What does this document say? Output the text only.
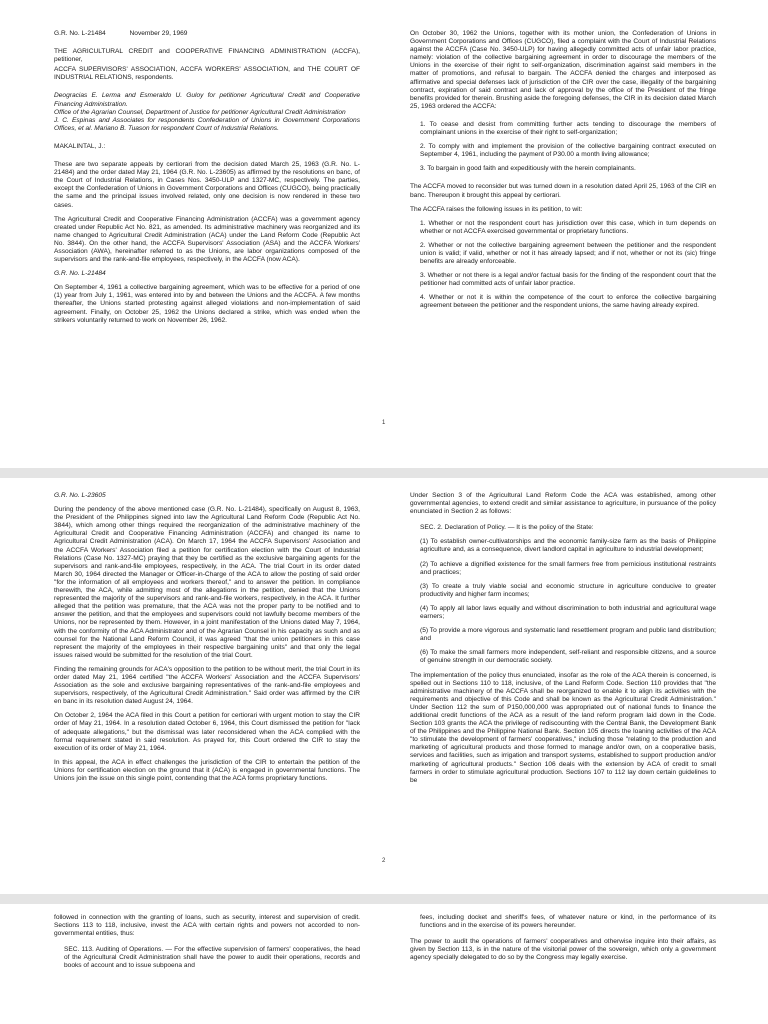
G.R. No. L-21484	November 29, 1969

THE AGRICULTURAL CREDIT and COOPERATIVE FINANCING ADMINISTRATION (ACCFA), petitioner,

ACCFA SUPERVISORS' ASSOCIATION, ACCFA WORKERS' ASSOCIATION, and THE COURT OF INDUSTRIAL RELATIONS, respondents.

Deogracias E. Lerma and Esmeraldo U. Guloy for petitioner Agricultural Credit and Cooperative Financing Administration.

Office of the Agrarian Counsel, Department of Justice for petitioner Agricultural Credit Administration

J. C. Espinas and Associates for respondents Confederation of Unions in Government Corporations Offices, et al. Mariano B. Tuason for respondent Court of Industrial Relations.

MAKALINTAL, J.:

These are two separate appeals by certiorari from the decision dated March 25, 1963 (G.R. No. L-21484) and the order dated May 21, 1964 (G.R. No. L-23605) as affirmed by the resolutions en banc, of the Court of Industrial Relations, in Cases Nos. 3450-ULP and 1327-MC, respectively. The parties, except the Confederation of Unions in Government Corporations and Offices (CUGCO), being practically the same and the principal issues involved related, only one decision is now rendered in these two cases.

The Agricultural Credit and Cooperative Financing Administration (ACCFA) was a government agency created under Republic Act No. 821, as amended. Its administrative machinery was reorganized and its name changed to Agricultural Credit Administration (ACA) under the Land Reform Code (Republic Act No. 3844). On the other hand, the ACCFA Supervisors' Association (ASA) and the ACCFA Workers' Association (AWA), hereinafter referred to as the Unions, are labor organizations composed of the supervisors and the rank-and-file employees, respectively, in the ACCFA (now ACA).

G.R. No. L-21484

On September 4, 1961 a collective bargaining agreement, which was to be effective for a period of one (1) year from July 1, 1961, was entered into by and between the Unions and the ACCFA. A few months thereafter, the Unions started protesting against alleged violations and non-implementation of said agreement. Finally, on October 25, 1962 the Unions declared a strike, which was ended when the strikers voluntarily returned to work on November 26, 1962.

On October 30, 1962 the Unions, together with its mother union, the Confederation of Unions in Government Corporations and Offices (CUGCO), filed a complaint with the Court of Industrial Relations against the ACCFA (Case No. 3450-ULP) for having allegedly committed acts of unfair labor practice, namely: violation of the collective bargaining agreement in order to discourage the members of the Unions in the exercise of their right to self-organization, discrimination against said members in the matter of promotions, and refusal to bargain. The ACCFA denied the charges and interposed as affirmative and special defenses lack of jurisdiction of the CIR over the case, illegality of the bargaining contract, expiration of said contract and lack of approval by the office of the President of the fringe benefits provided for therein. Brushing aside the foregoing defenses, the CIR in its decision dated March 25, 1963 ordered the ACCFA:

1. To cease and desist from committing further acts tending to discourage the members of complainant unions in the exercise of their right to self-organization;

2. To comply with and implement the provision of the collective bargaining contract executed on September 4, 1961, including the payment of P30.00 a month living allowance;

3. To bargain in good faith and expeditiously with the herein complainants.

The ACCFA moved to reconsider but was turned down in a resolution dated April 25, 1963 of the CIR en banc. Thereupon it brought this appeal by certiorari.

The ACCFA raises the following issues in its petition, to wit:

1. Whether or not the respondent court has jurisdiction over this case, which in turn depends on whether or not ACCFA exercised governmental or proprietary functions.

2. Whether or not the collective bargaining agreement between the petitioner and the respondent union is valid; if valid, whether or not it has already lapsed; and if not, whether or not its (sic) fringe benefits are already enforceable.

3. Whether or not there is a legal and/or factual basis for the finding of the respondent court that the petitioner had committed acts of unfair labor practice.

4. Whether or not it is within the competence of the court to enforce the collective bargaining agreement between the petitioner and the respondent unions, the same having already expired.

1

G.R. No. L-23605

During the pendency of the above mentioned case (G.R. No. L-21484), specifically on August 8, 1963, the President of the Philippines signed into law the Agricultural Land Reform Code (Republic Act No. 3844), which among other things required the reorganization of the administrative machinery of the Agricultural Credit and Cooperative Financing Administration (ACCFA) and changed its name to Agricultural Credit Administration (ACA). On March 17, 1964 the ACCFA Supervisors' Association and the ACCFA Workers' Association filed a petition for certification election with the Court of Industrial Relations (Case No. 1327-MC) praying that they be certified as the exclusive bargaining agents for the supervisors and rank-and-file employees, respectively, in the ACA. The trial Court in its order dated March 30, 1964 directed the Manager or Officer-in-Charge of the ACA to allow the posting of said order "for the information of all employees and workers thereof," and to answer the petition. In compliance therewith, the ACA, while admitting most of the allegations in the petition, denied that the Unions represented the majority of the supervisors and rank-and-file workers, respectively, in the ACA. It further alleged that the petition was premature, that the ACA was not the proper party to be notified and to answer the petition, and that the employees and supervisors could not lawfully become members of the Unions, nor be represented by them. However, in a joint manifestation of the Unions dated May 7, 1964, with the conformity of the ACA Administrator and of the Agrarian Counsel in his capacity as such and as counsel for the National Land Reform Council, it was agreed "that the union petitioners in this case represent the majority of the employees in their respective bargaining units" and that only the legal issues raised would be submitted for the resolution of the trial Court.

Finding the remaining grounds for ACA's opposition to the petition to be without merit, the trial Court in its order dated May 21, 1964 certified "the ACCFA Workers' Association and the ACCFA Supervisors' Association as the sole and exclusive bargaining representatives of the rank-and-file employees and supervisors, respectively, of the Agricultural Credit Administration." Said order was affirmed by the CIR en banc in its resolution dated August 24, 1964.

On October 2, 1964 the ACA filed in this Court a petition for certiorari with urgent motion to stay the CIR order of May 21, 1964. In a resolution dated October 6, 1964, this Court dismissed the petition for "lack of adequate allegations," but the dismissal was later reconsidered when the ACA complied with the formal requirement stated in said resolution. As prayed for, this Court ordered the CIR to stay the execution of its order of May 21, 1964.

In this appeal, the ACA in effect challenges the jurisdiction of the CIR to entertain the petition of the Unions for certification election on the ground that it (ACA) is engaged in governmental functions. The Unions join the issue on this single point, contending that the ACA forms proprietary functions.

Under Section 3 of the Agricultural Land Reform Code the ACA was established, among other governmental agencies, to extend credit and similar assistance to agriculture, in pursuance of the policy enunciated in Section 2 as follows:

SEC. 2. Declaration of Policy. — It is the policy of the State:

(1) To establish owner-cultivatorships and the economic family-size farm as the basis of Philippine agriculture and, as a consequence, divert landlord capital in agriculture to industrial development;

(2) To achieve a dignified existence for the small farmers free from pernicious institutional restraints and practices;

(3) To create a truly viable social and economic structure in agriculture conducive to greater productivity and higher farm incomes;

(4) To apply all labor laws equally and without discrimination to both industrial and agricultural wage earners;

(5) To provide a more vigorous and systematic land resettlement program and public land distribution; and

(6) To make the small farmers more independent, self-reliant and responsible citizens, and a source of genuine strength in our democratic society.

The implementation of the policy thus enunciated, insofar as the role of the ACA therein is concerned, is spelled out in Sections 110 to 118, inclusive, of the Land Reform Code. Section 110 provides that "the administrative machinery of the ACCFA shall be reorganized to enable it to align its activities with the requirements and objective of this Code and shall be known as the Agricultural Credit Administration." Under Section 112 the sum of P150,000,000 was appropriated out of national funds to finance the additional credit functions of the ACA as a result of the land reform program laid down in the Code. Section 103 grants the ACA the privilege of rediscounting with the Central Bank, the Development Bank of the Philippines and the Philippine National Bank. Section 105 directs the loaning activities of the ACA "to stimulate the development of farmers' cooperatives," including those "relating to the production and marketing of agricultural products and those formed to manage and/or own, on a cooperative basis, services and facilities, such as irrigation and transport systems, established to support production and/or marketing of agricultural products." Section 106 deals with the extension by ACA of credit to small farmers in order to stimulate agricultural production. Sections 107 to 112 lay down certain guidelines to be

2

followed in connection with the granting of loans, such as security, interest and supervision of credit. Sections 113 to 118, inclusive, invest the ACA with certain rights and powers not accorded to non-governmental entities, thus:

SEC. 113. Auditing of Operations. — For the effective supervision of farmers' cooperatives, the head of the Agricultural Credit Administration shall have the power to audit their operations, records and books of account and to issue subpoena and

fees, including docket and sheriff's fees, of whatever nature or kind, in the performance of its functions and in the exercise of its powers hereunder.

The power to audit the operations of farmers' cooperatives and otherwise inquire into their affairs, as given by Section 113, is in the nature of the visitorial power of the sovereign, which only a government agency specially delegated to do so by the Congress may legally exercise.
